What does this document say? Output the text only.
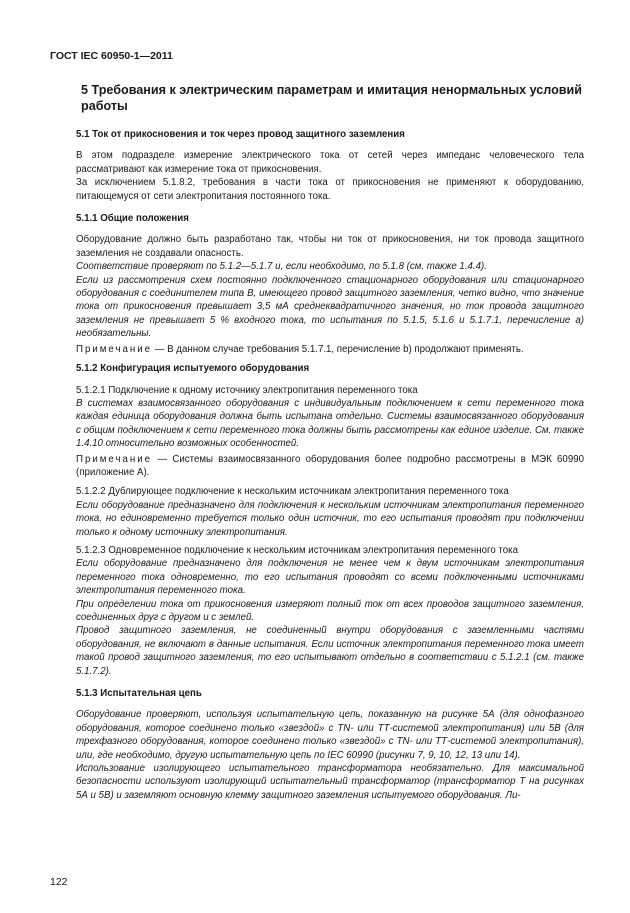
ГОСТ IEC 60950-1—2011
5 Требования к электрическим параметрам и имитация ненормальных условий работы
5.1 Ток от прикосновения и ток через провод защитного заземления

В этом подразделе измерение электрического тока от сетей через импеданс человеческого тела рассматривают как измерение тока от прикосновения.

За исключением 5.1.8.2, требования в части тока от прикосновения не применяют к оборудованию, питающемуся от сети электропитания постоянного тока.

5.1.1 Общие положения

Оборудование должно быть разработано так, чтобы ни ток от прикосновения, ни ток провода защитного заземления не создавали опасность.

Соответствие проверяют по 5.1.2—5.1.7 и, если необходимо, по 5.1.8 (см. также 1.4.4).

Если из рассмотрения схем постоянно подключенного стационарного оборудования или стационарного оборудования с соединителем типа В, имеющего провод защитного заземления, четко видно, что значение тока от прикосновения превышает 3,5 мА среднеквадратичного значения, но ток провода защитного заземления не превышает 5 % входного тока, то испытания по 5.1.5, 5.1.6 и 5.1.7.1, перечисление а) необязательны.

Примечание — В данном случае требования 5.1.7.1, перечисление b) продолжают применять.

5.1.2 Конфигурация испытуемого оборудования

5.1.2.1 Подключение к одному источнику электропитания переменного тока

В системах взаимосвязанного оборудования с индивидуальным подключением к сети переменного тока каждая единица оборудования должна быть испытана отдельно. Системы взаимосвязанного оборудования с общим подключением к сети переменного тока должны быть рассмотрены как единое изделие. См. также 1.4.10 относительно возможных особенностей.

Примечание — Системы взаимосвязанного оборудования более подробно рассмотрены в МЭК 60990 (приложение А).

5.1.2.2 Дублирующее подключение к нескольким источникам электропитания переменного тока

Если оборудование предназначено для подключения к нескольким источникам электропитания переменного тока, но единовременно требуется только один источник, то его испытания проводят при подключении только к одному источнику электропитания.

5.1.2.3 Одновременное подключение к нескольким источникам электропитания переменного тока

Если оборудование предназначено для подключения не менее чем к двум источникам электропитания переменного тока одновременно, то его испытания проводят со всеми подключенными источниками электропитания переменного тока.

При определении тока от прикосновения измеряют полный ток от всех проводов защитного заземления, соединенных друг с другом и с землей.

Провод защитного заземления, не соединенный внутри оборудования с заземленными частями оборудования, не включают в данные испытания. Если источник электропитания переменного тока имеет такой провод защитного заземления, то его испытывают отдельно в соответствии с 5.1.2.1 (см. также 5.1.7.2).

5.1.3 Испытательная цепь

Оборудование проверяют, используя испытательную цепь, показанную на рисунке 5А (для однофазного оборудования, которое соединено только «звездой» с TN- или ТТ-системой электропитания) или 5В (для трехфазного оборудования, которое соединено только «звездой» с TN- или ТТ-системой электропитания), или, где необходимо, другую испытательную цепь по IEC 60990 (рисунки 7, 9, 10, 12, 13 или 14).

Использование изолирующего испытательного трансформатора необязательно. Для максимальной безопасности используют изолирующий испытательный трансформатор (трансформатор Т на рисунках 5А и 5В) и заземляют основную клемму защитного заземления испытуемого оборудования. Ли-

122
